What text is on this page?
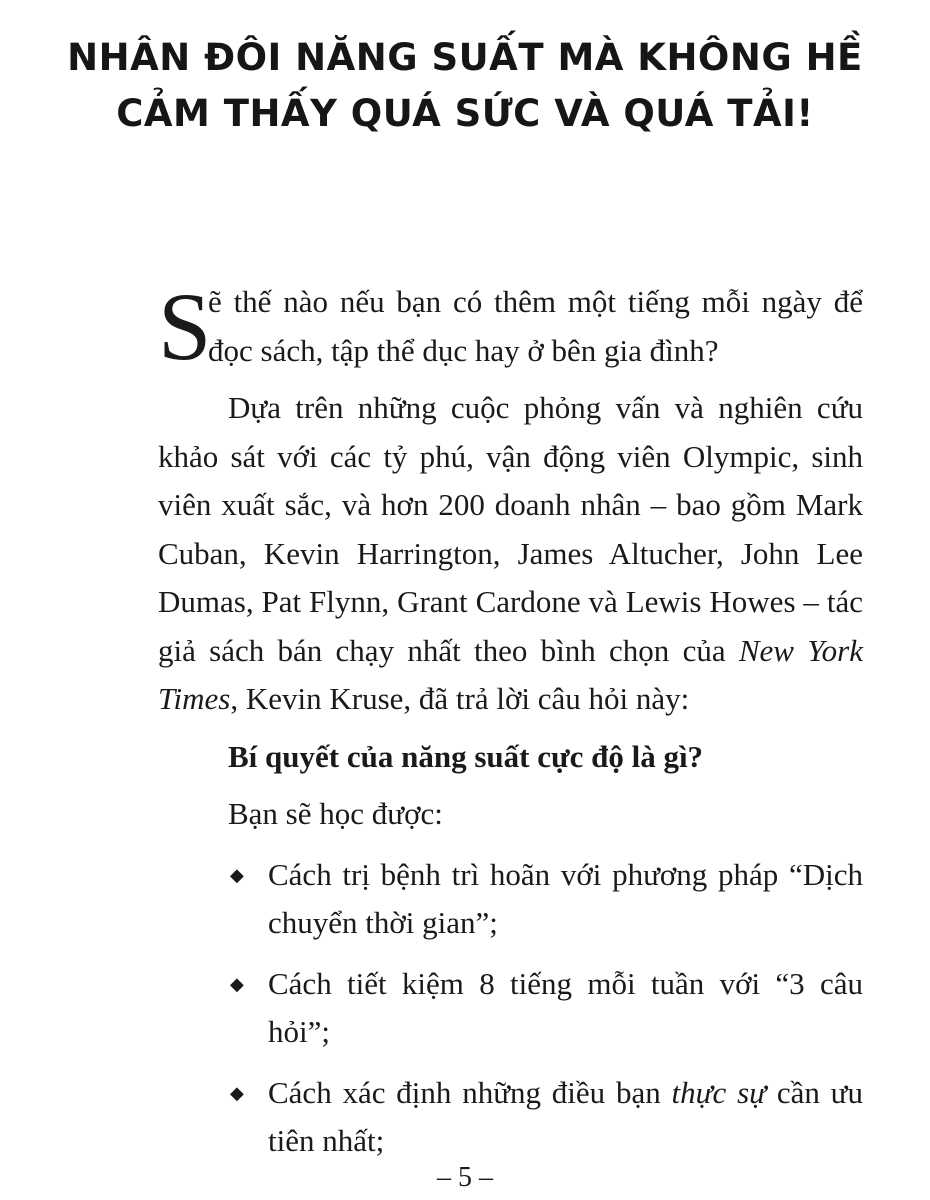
NHÂN ĐÔI NĂNG SUẤT MÀ KHÔNG HỀ
CẢM THẤY QUÁ SỨC VÀ QUÁ TẢI!

S
ẽ thế nào nếu bạn có thêm một tiếng mỗi ngày để đọc sách, tập thể dục hay ở bên gia đình?

Dựa trên những cuộc phỏng vấn và nghiên cứu khảo sát với các tỷ phú, vận động viên Olympic, sinh viên xuất sắc, và hơn 200 doanh nhân – bao gồm Mark Cuban, Kevin Harrington, James Altucher, John Lee Dumas, Pat Flynn, Grant Cardone và Lewis Howes – tác giả sách bán chạy nhất theo bình chọn của New York Times, Kevin Kruse, đã trả lời câu hỏi này:

Bí quyết của năng suất cực độ là gì?

Bạn sẽ học được:

◆ Cách trị bệnh trì hoãn với phương pháp “Dịch chuyển thời gian”;
◆ Cách tiết kiệm 8 tiếng mỗi tuần với “3 câu hỏi”;
◆ Cách xác định những điều bạn thực sự cần ưu tiên nhất;
– 5 –
